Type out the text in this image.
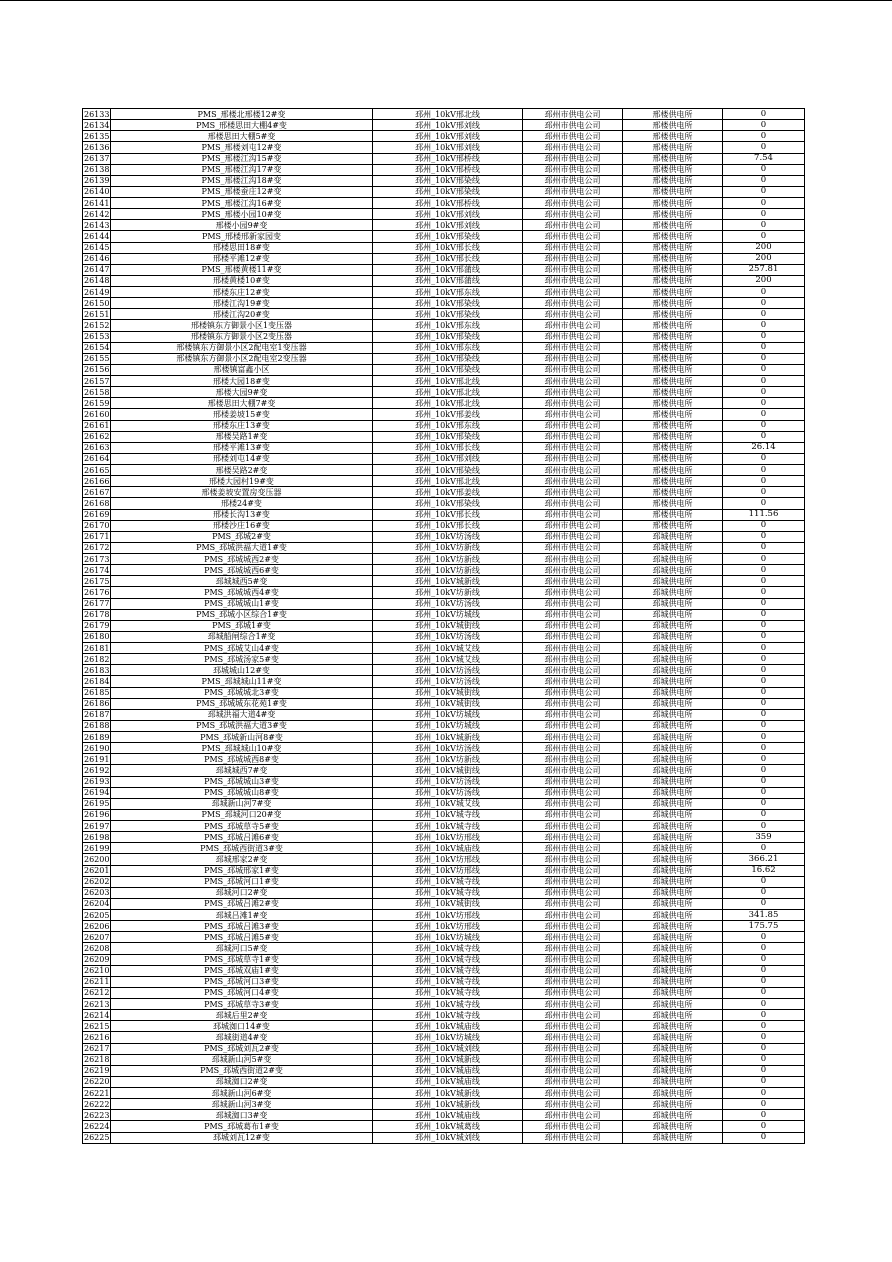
26133	PMS_邢楼北邢楼12#变	邳州_10kV邢北线	邳州市供电公司	邢楼供电所	0
26134	PMS_邢楼思田大棚4#变	邳州_10kV邢刘线	邳州市供电公司	邢楼供电所	0
26135	邢楼思田大棚5#变	邳州_10kV邢刘线	邳州市供电公司	邢楼供电所	0
26136	PMS_邢楼刘屯12#变	邳州_10kV邢刘线	邳州市供电公司	邢楼供电所	0
26137	PMS_邢楼江沟15#变	邳州_10kV邢桥线	邳州市供电公司	邢楼供电所	7.54
26138	PMS_邢楼江沟17#变	邳州_10kV邢桥线	邳州市供电公司	邢楼供电所	0
26139	PMS_邢楼江沟18#变	邳州_10kV邢染线	邳州市供电公司	邢楼供电所	0
26140	PMS_邢楼蚕庄12#变	邳州_10kV邢染线	邳州市供电公司	邢楼供电所	0
26141	PMS_邢楼江沟16#变	邳州_10kV邢桥线	邳州市供电公司	邢楼供电所	0
26142	PMS_邢楼小园10#变	邳州_10kV邢刘线	邳州市供电公司	邢楼供电所	0
26143	邢楼小园9#变	邳州_10kV邢刘线	邳州市供电公司	邢楼供电所	0
26144	PMS_邢楼邢新家园变	邳州_10kV邢染线	邳州市供电公司	邢楼供电所	0
26145	邢楼思田18#变	邳州_10kV邢长线	邳州市供电公司	邢楼供电所	200
26146	邢楼平滩12#变	邳州_10kV邢长线	邳州市供电公司	邢楼供电所	200
26147	PMS_邢楼黄楼11#变	邳州_10kV邢蒲线	邳州市供电公司	邢楼供电所	257.81
26148	邢楼黄楼10#变	邳州_10kV邢蒲线	邳州市供电公司	邢楼供电所	200
26149	邢楼东庄12#变	邳州_10kV邢东线	邳州市供电公司	邢楼供电所	0
26150	邢楼江沟19#变	邳州_10kV邢染线	邳州市供电公司	邢楼供电所	0
26151	邢楼江沟20#变	邳州_10kV邢染线	邳州市供电公司	邢楼供电所	0
26152	邢楼镇东方御景小区1变压器	邳州_10kV邢东线	邳州市供电公司	邢楼供电所	0
26153	邢楼镇东方御景小区2变压器	邳州_10kV邢染线	邳州市供电公司	邢楼供电所	0
26154	邢楼镇东方御景小区2配电室1变压器	邳州_10kV邢东线	邳州市供电公司	邢楼供电所	0
26155	邢楼镇东方御景小区2配电室2变压器	邳州_10kV邢染线	邳州市供电公司	邢楼供电所	0
26156	邢楼镇富鑫小区	邳州_10kV邢染线	邳州市供电公司	邢楼供电所	0
26157	邢楼大园18#变	邳州_10kV邢北线	邳州市供电公司	邢楼供电所	0
26158	邢楼大园9#变	邳州_10kV邢北线	邳州市供电公司	邢楼供电所	0
26159	邢楼思田大棚7#变	邳州_10kV邢北线	邳州市供电公司	邢楼供电所	0
26160	邢楼姜坡15#变	邳州_10kV邢姜线	邳州市供电公司	邢楼供电所	0
26161	邢楼东庄13#变	邳州_10kV邢东线	邳州市供电公司	邢楼供电所	0
26162	邢楼吴路1#变	邳州_10kV邢染线	邳州市供电公司	邢楼供电所	0
26163	邢楼平滩13#变	邳州_10kV邢长线	邳州市供电公司	邢楼供电所	26.14
26164	邢楼刘屯14#变	邳州_10kV邢刘线	邳州市供电公司	邢楼供电所	0
26165	邢楼吴路2#变	邳州_10kV邢染线	邳州市供电公司	邢楼供电所	0
26166	邢楼大园村19#变	邳州_10kV邢北线	邳州市供电公司	邢楼供电所	0
26167	邢楼姜坡安置房变压器	邳州_10kV邢姜线	邳州市供电公司	邢楼供电所	0
26168	邢楼24#变	邳州_10kV邢染线	邳州市供电公司	邢楼供电所	0
26169	邢楼长沟13#变	邳州_10kV邢长线	邳州市供电公司	邢楼供电所	111.56
26170	邢楼沙庄16#变	邳州_10kV邢长线	邳州市供电公司	邢楼供电所	0
26171	PMS_邳城2#变	邳州_10kV坊汤线	邳州市供电公司	邳城供电所	0
26172	PMS_邳城洪福大道1#变	邳州_10kV坊新线	邳州市供电公司	邳城供电所	0
26173	PMS_邳城城西2#变	邳州_10kV坊新线	邳州市供电公司	邳城供电所	0
26174	PMS_邳城城西6#变	邳州_10kV坊新线	邳州市供电公司	邳城供电所	0
26175	邳城城西5#变	邳州_10kV城新线	邳州市供电公司	邳城供电所	0
26176	PMS_邳城城西4#变	邳州_10kV坊新线	邳州市供电公司	邳城供电所	0
26177	PMS_邳城城山1#变	邳州_10kV坊汤线	邳州市供电公司	邳城供电所	0
26178	PMS_邳城小区综合1#变	邳州_10kV坊城线	邳州市供电公司	邳城供电所	0
26179	PMS_邳城1#变	邳州_10kV城街线	邳州市供电公司	邳城供电所	0
26180	邳城船闸综合1#变	邳州_10kV坊汤线	邳州市供电公司	邳城供电所	0
26181	PMS_邳城艾山4#变	邳州_10kV城艾线	邳州市供电公司	邳城供电所	0
26182	PMS_邳城汤家5#变	邳州_10kV城艾线	邳州市供电公司	邳城供电所	0
26183	邳城城山12#变	邳州_10kV坊汤线	邳州市供电公司	邳城供电所	0
26184	PMS_邳城城山11#变	邳州_10kV坊汤线	邳州市供电公司	邳城供电所	0
26185	PMS_邳城城北3#变	邳州_10kV城街线	邳州市供电公司	邳城供电所	0
26186	PMS_邳城城东花苑1#变	邳州_10kV城街线	邳州市供电公司	邳城供电所	0
26187	邳城洪福大道4#变	邳州_10kV坊城线	邳州市供电公司	邳城供电所	0
26188	PMS_邳城洪福大道3#变	邳州_10kV坊城线	邳州市供电公司	邳城供电所	0
26189	PMS_邳城新山河8#变	邳州_10kV城新线	邳州市供电公司	邳城供电所	0
26190	PMS_邳城城山10#变	邳州_10kV坊汤线	邳州市供电公司	邳城供电所	0
26191	PMS_邳城城西8#变	邳州_10kV坊新线	邳州市供电公司	邳城供电所	0
26192	邳城城西7#变	邳州_10kV城街线	邳州市供电公司	邳城供电所	0
26193	PMS_邳城城山3#变	邳州_10kV坊汤线	邳州市供电公司	邳城供电所	0
26194	PMS_邳城城山8#变	邳州_10kV坊汤线	邳州市供电公司	邳城供电所	0
26195	邳城新山河7#变	邳州_10kV城艾线	邳州市供电公司	邳城供电所	0
26196	PMS_邳城河口20#变	邳州_10kV城寺线	邳州市供电公司	邳城供电所	0
26197	PMS_邳城草寺5#变	邳州_10kV城寺线	邳州市供电公司	邳城供电所	0
26198	PMS_邳城吕滩6#变	邳州_10kV坊邢线	邳州市供电公司	邳城供电所	359
26199	PMS_邳城西街道3#变	邳州_10kV城庙线	邳州市供电公司	邳城供电所	0
26200	邳城邢家2#变	邳州_10kV坊邢线	邳州市供电公司	邳城供电所	366.21
26201	PMS_邳城邢家1#变	邳州_10kV坊邢线	邳州市供电公司	邳城供电所	16.62
26202	PMS_邳城河口1#变	邳州_10kV城寺线	邳州市供电公司	邳城供电所	0
26203	邳城河口2#变	邳州_10kV城寺线	邳州市供电公司	邳城供电所	0
26204	PMS_邳城吕滩2#变	邳州_10kV城街线	邳州市供电公司	邳城供电所	0
26205	邳城吕滩1#变	邳州_10kV坊邢线	邳州市供电公司	邳城供电所	341.85
26206	PMS_邳城吕滩3#变	邳州_10kV坊邢线	邳州市供电公司	邳城供电所	175.75
26207	PMS_邳城吕滩5#变	邳州_10kV坊城线	邳州市供电公司	邳城供电所	0
26208	邳城河口5#变	邳州_10kV城寺线	邳州市供电公司	邳城供电所	0
26209	PMS_邳城草寺1#变	邳州_10kV城寺线	邳州市供电公司	邳城供电所	0
26210	PMS_邳城双庙1#变	邳州_10kV城寺线	邳州市供电公司	邳城供电所	0
26211	PMS_邳城河口3#变	邳州_10kV城寺线	邳州市供电公司	邳城供电所	0
26212	PMS_邳城河口4#变	邳州_10kV城寺线	邳州市供电公司	邳城供电所	0
26213	PMS_邳城草寺3#变	邳州_10kV城寺线	邳州市供电公司	邳城供电所	0
26214	邳城后里2#变	邳州_10kV城寺线	邳州市供电公司	邳城供电所	0
26215	邳城洳口14#变	邳州_10kV城庙线	邳州市供电公司	邳城供电所	0
26216	邳城街道4#变	邳州_10kV坊城线	邳州市供电公司	邳城供电所	0
26217	PMS_邳城刘瓦2#变	邳州_10kV城刘线	邳州市供电公司	邳城供电所	0
26218	邳城新山河5#变	邳州_10kV城新线	邳州市供电公司	邳城供电所	0
26219	PMS_邳城西街道2#变	邳州_10kV城庙线	邳州市供电公司	邳城供电所	0
26220	邳城洳口2#变	邳州_10kV城庙线	邳州市供电公司	邳城供电所	0
26221	邳城新山河6#变	邳州_10kV城新线	邳州市供电公司	邳城供电所	0
26222	邳城新山河3#变	邳州_10kV城新线	邳州市供电公司	邳城供电所	0
26223	邳城洳口3#变	邳州_10kV城庙线	邳州市供电公司	邳城供电所	0
26224	PMS_邳城葛布1#变	邳州_10kV城葛线	邳州市供电公司	邳城供电所	0
26225	邳城刘瓦12#变	邳州_10kV城刘线	邳州市供电公司	邳城供电所	0
